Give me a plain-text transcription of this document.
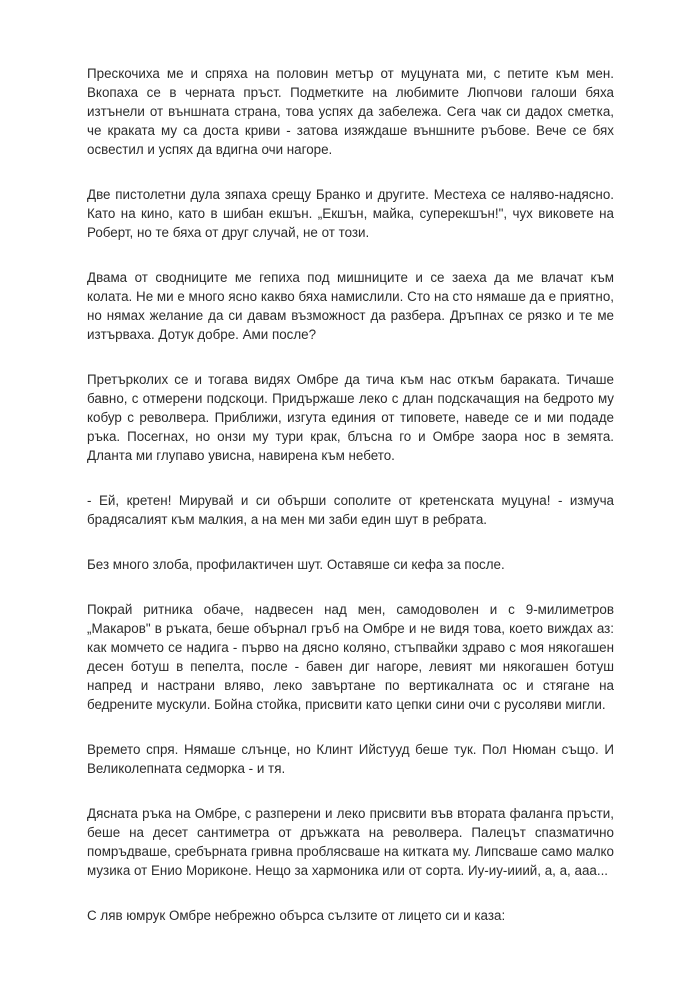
Прескочиха ме и спряха на половин метър от муцуната ми, с петите към мен. Вкопаха се в черната пръст. Подметките на любимите Люпчови галоши бяха изтънели от външната страна, това успях да забележа. Сега чак си дадох сметка, че краката му са доста криви - затова изяждаше външните ръбове. Вече се бях освестил и успях да вдигна очи нагоре.

Две пистолетни дула зяпаха срещу Бранко и другите. Местеха се наляво-надясно. Като на кино, като в шибан екшън. „Екшън, майка, суперекшън!", чух виковете на Роберт, но те бяха от друг случай, не от този.

Двама от сводниците ме гепиха под мишниците и се заеха да ме влачат към колата. Не ми е много ясно какво бяха намислили. Сто на сто нямаше да е приятно, но нямах желание да си давам възможност да разбера. Дръпнах се рязко и те ме изтърваха. Дотук добре. Ами после?

Претърколих се и тогава видях Омбре да тича към нас откъм бараката. Тичаше бавно, с отмерени подскоци. Придържаше леко с длан подскачащия на бедрото му кобур с револвера. Приближи, изгута единия от типовете, наведе се и ми подаде ръка. Посегнах, но онзи му тури крак, блъсна го и Омбре заора нос в земята. Дланта ми глупаво увисна, навирена към небето.

- Ей, кретен! Мирувай и си обърши сополите от кретенската муцуна! - измуча брадясалият към малкия, а на мен ми заби един шут в ребрата.

Без много злоба, профилактичен шут. Оставяше си кефа за после.

Покрай ритника обаче, надвесен над мен, самодоволен и с 9-милиметров „Макаров" в ръката, беше обърнал гръб на Омбре и не видя това, което виждах аз: как момчето се надига - първо на дясно коляно, стъпвайки здраво с моя някогашен десен ботуш в пепелта, после - бавен диг нагоре, левият ми някогашен ботуш напред и настрани вляво, леко завъртане по вертикалната ос и стягане на бедрените мускули. Бойна стойка, присвити като цепки сини очи с русоляви мигли.

Времето спря. Нямаше слънце, но Клинт Ийстууд беше тук. Пол Нюман също. И Великолепната седморка - и тя.

Дясната ръка на Омбре, с разперени и леко присвити във втората фаланга пръсти, беше на десет сантиметра от дръжката на револвера. Палецът спазматично помръдваше, сребърната гривна проблясваше на китката му. Липсваше само малко музика от Енио Мориконе. Нещо за хармоника или от сорта. Иу-иу-ииий, а, а, ааа...

С ляв юмрук Омбре небрежно обърса сълзите от лицето си и каза:
